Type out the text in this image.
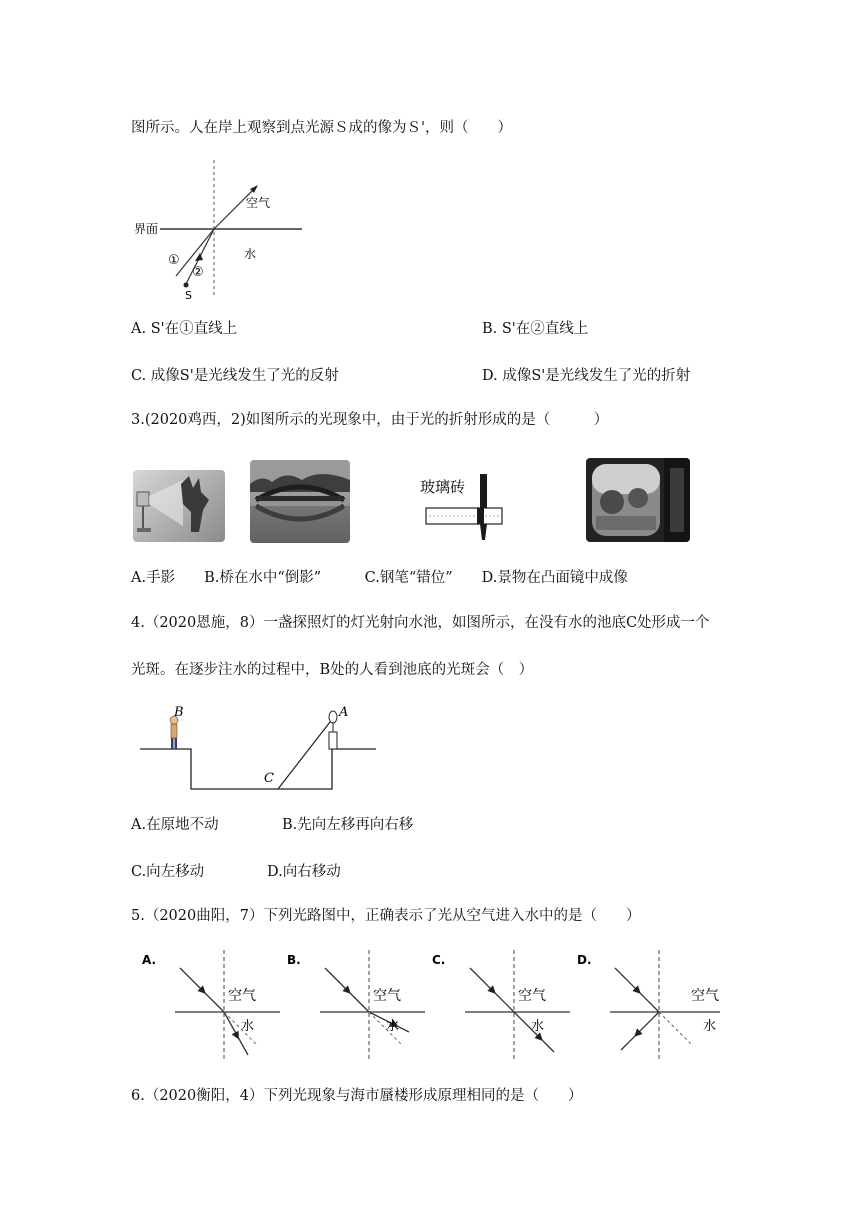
图所示。人在岸上观察到点光源Ｓ成的像为Ｓ'，则（　　）
空气
界面
水
①
②
S
A. S'在①直线上	B. S'在②直线上
C. 成像S'是光线发生了光的反射	D. 成像S'是光线发生了光的折射
3.(2020鸡西，2)如图所示的光现象中，由于光的折射形成的是（　　　）
玻璃砖
A.手影　　B.桥在水中“倒影”　　　C.钢笔“错位”　　D.景物在凸面镜中成像
4.（2020恩施，8）一盏探照灯的灯光射向水池，如图所示，在没有水的池底C处形成一个
光斑。在逐步注水的过程中，B处的人看到池底的光斑会（　）
B	A
C
A.在原地不动	B.先向左移再向右移
C.向左移动	D.向右移动
5.（2020曲阳，7）下列光路图中，正确表示了光从空气进入水中的是（　　）
A.
空气
水
B.
空气
水
C.
空气
水
D.
空气
水
6.（2020衡阳，4）下列光现象与海市蜃楼形成原理相同的是（　　）
